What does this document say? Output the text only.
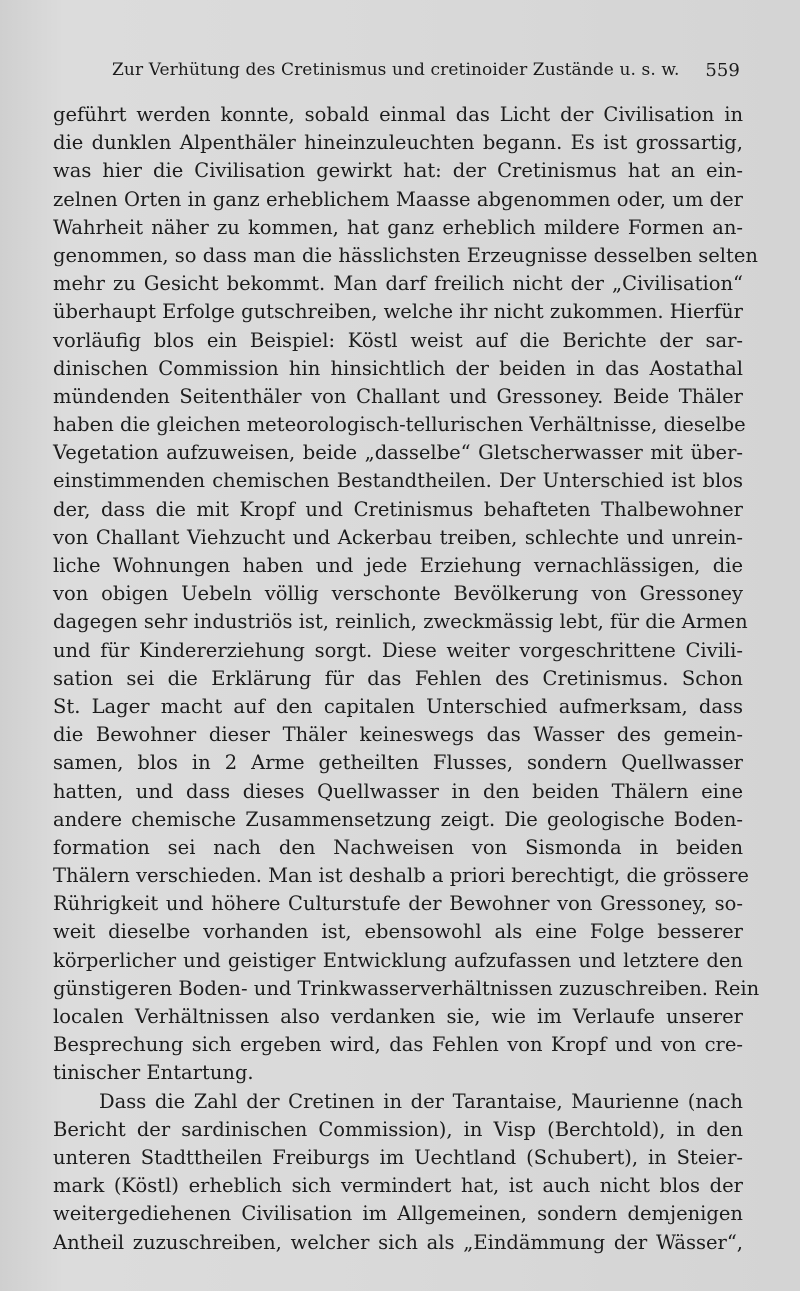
Zur Verhütung des Cretinismus und cretinoider Zustände u. s. w. 559
geführt werden konnte, sobald einmal das Licht der Civilisation in
die dunklen Alpenthäler hineinzuleuchten begann. Es ist grossartig,
was hier die Civilisation gewirkt hat: der Cretinismus hat an ein-
zelnen Orten in ganz erheblichem Maasse abgenommen oder, um der
Wahrheit näher zu kommen, hat ganz erheblich mildere Formen an-
genommen, so dass man die hässlichsten Erzeugnisse desselben selten
mehr zu Gesicht bekommt. Man darf freilich nicht der „Civilisation“
überhaupt Erfolge gutschreiben, welche ihr nicht zukommen. Hierfür
vorläufig blos ein Beispiel: Köstl weist auf die Berichte der sar-
dinischen Commission hin hinsichtlich der beiden in das Aostathal
mündenden Seitenthäler von Challant und Gressoney. Beide Thäler
haben die gleichen meteorologisch-tellurischen Verhältnisse, dieselbe
Vegetation aufzuweisen, beide „dasselbe“ Gletscherwasser mit über-
einstimmenden chemischen Bestandtheilen. Der Unterschied ist blos
der, dass die mit Kropf und Cretinismus behafteten Thalbewohner
von Challant Viehzucht und Ackerbau treiben, schlechte und unrein-
liche Wohnungen haben und jede Erziehung vernachlässigen, die
von obigen Uebeln völlig verschonte Bevölkerung von Gressoney
dagegen sehr industriös ist, reinlich, zweckmässig lebt, für die Armen
und für Kindererziehung sorgt. Diese weiter vorgeschrittene Civili-
sation sei die Erklärung für das Fehlen des Cretinismus. Schon
St. Lager macht auf den capitalen Unterschied aufmerksam, dass
die Bewohner dieser Thäler keineswegs das Wasser des gemein-
samen, blos in 2 Arme getheilten Flusses, sondern Quellwasser
hatten, und dass dieses Quellwasser in den beiden Thälern eine
andere chemische Zusammensetzung zeigt. Die geologische Boden-
formation sei nach den Nachweisen von Sismonda in beiden
Thälern verschieden. Man ist deshalb a priori berechtigt, die grössere
Rührigkeit und höhere Culturstufe der Bewohner von Gressoney, so-
weit dieselbe vorhanden ist, ebensowohl als eine Folge besserer
körperlicher und geistiger Entwicklung aufzufassen und letztere den
günstigeren Boden- und Trinkwasserverhältnissen zuzuschreiben. Rein
localen Verhältnissen also verdanken sie, wie im Verlaufe unserer
Besprechung sich ergeben wird, das Fehlen von Kropf und von cre-
tinischer Entartung.
Dass die Zahl der Cretinen in der Tarantaise, Maurienne (nach
Bericht der sardinischen Commission), in Visp (Berchtold), in den
unteren Stadttheilen Freiburgs im Uechtland (Schubert), in Steier-
mark (Köstl) erheblich sich vermindert hat, ist auch nicht blos der
weitergediehenen Civilisation im Allgemeinen, sondern demjenigen
Antheil zuzuschreiben, welcher sich als „Eindämmung der Wässer“,
